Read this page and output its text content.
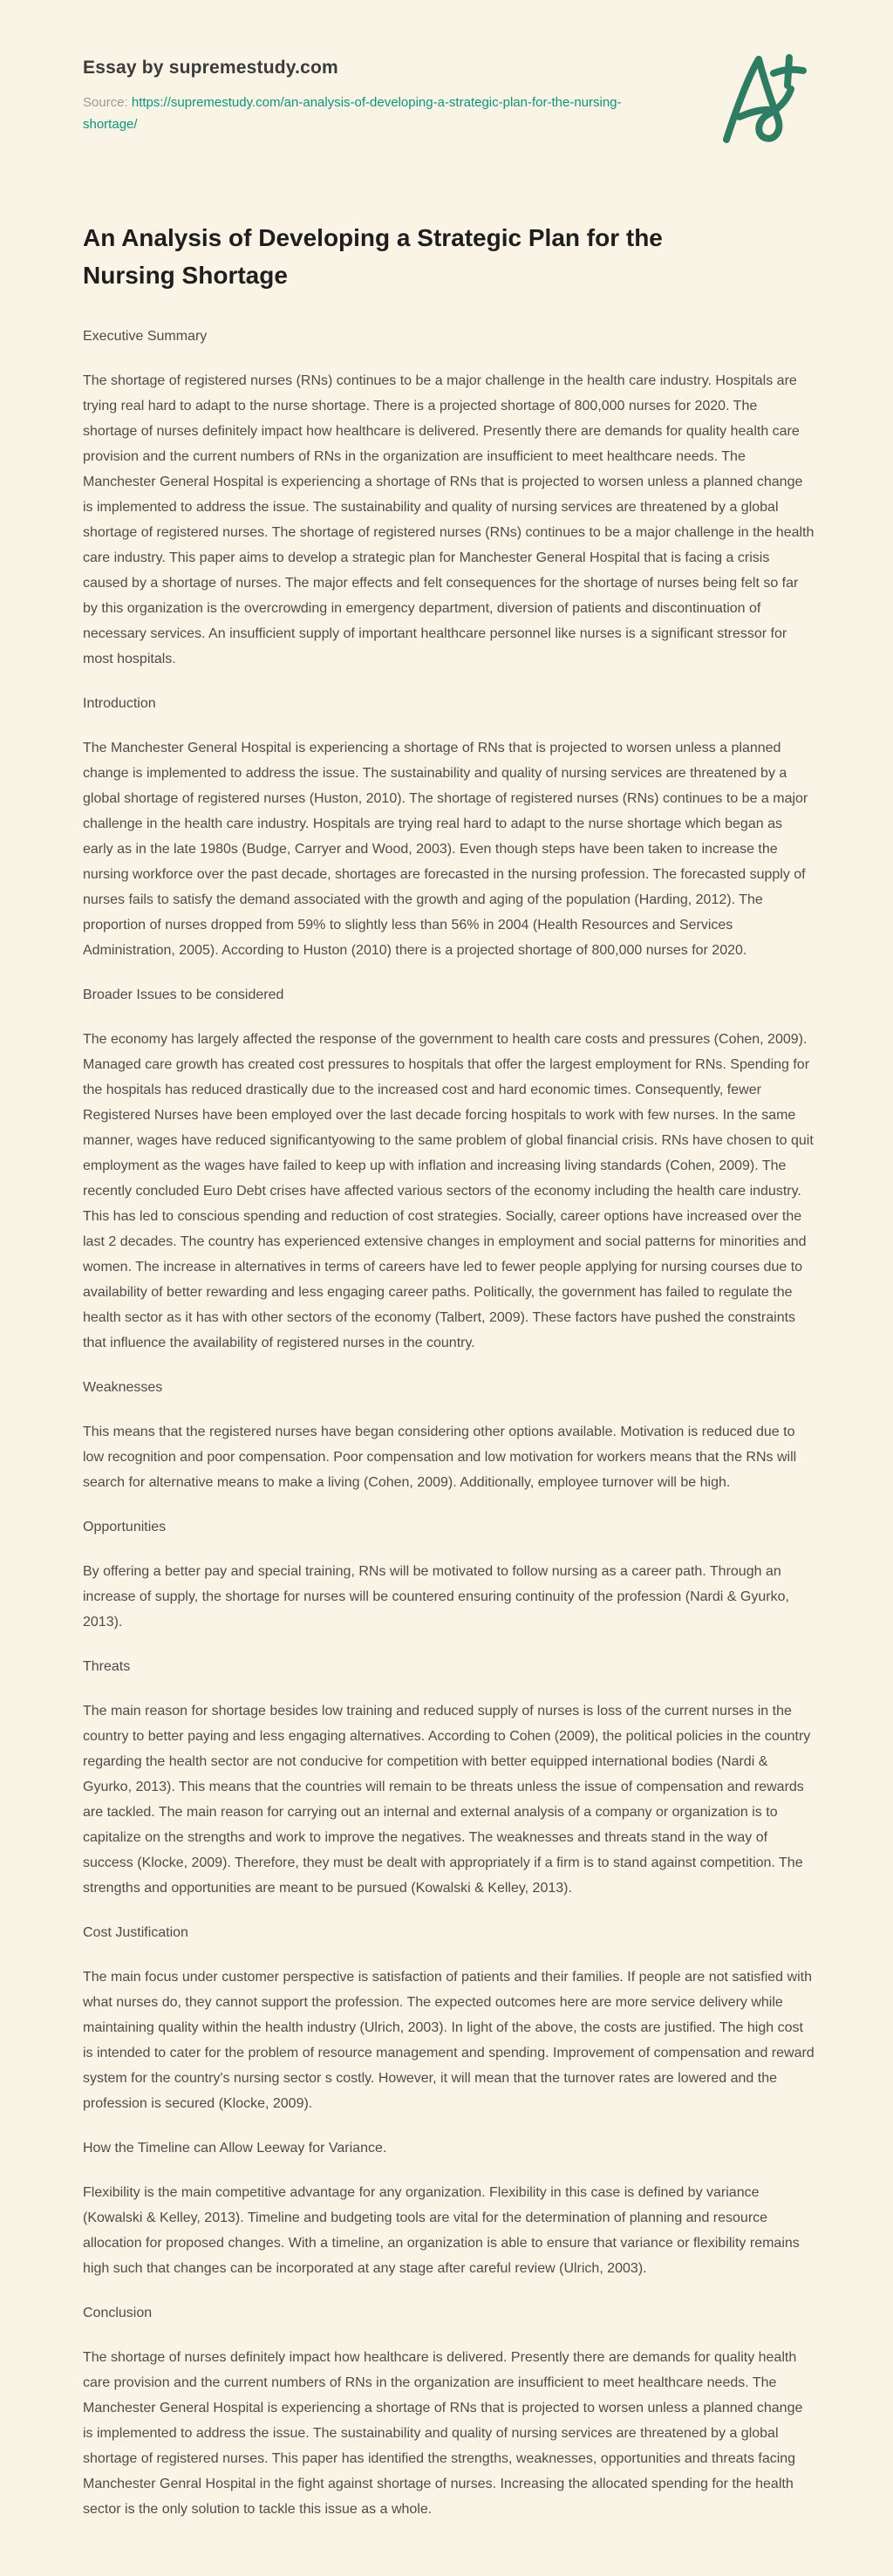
Essay by supremestudy.com
Source: https://supremestudy.com/an-analysis-of-developing-a-strategic-plan-for-the-nursing-shortage/
An Analysis of Developing a Strategic Plan for the Nursing Shortage
Executive Summary

The shortage of registered nurses (RNs) continues to be a major challenge in the health care industry. Hospitals are trying real hard to adapt to the nurse shortage. There is a projected shortage of 800,000 nurses for 2020. The shortage of nurses definitely impact how healthcare is delivered. Presently there are demands for quality health care provision and the current numbers of RNs in the organization are insufficient to meet healthcare needs. The Manchester General Hospital is experiencing a shortage of RNs that is projected to worsen unless a planned change is implemented to address the issue. The sustainability and quality of nursing services are threatened by a global shortage of registered nurses. The shortage of registered nurses (RNs) continues to be a major challenge in the health care industry. This paper aims to develop a strategic plan for Manchester General Hospital that is facing a crisis caused by a shortage of nurses. The major effects and felt consequences for the shortage of nurses being felt so far by this organization is the overcrowding in emergency department, diversion of patients and discontinuation of necessary services. An insufficient supply of important healthcare personnel like nurses is a significant stressor for most hospitals.

Introduction

The Manchester General Hospital is experiencing a shortage of RNs that is projected to worsen unless a planned change is implemented to address the issue. The sustainability and quality of nursing services are threatened by a global shortage of registered nurses (Huston, 2010). The shortage of registered nurses (RNs) continues to be a major challenge in the health care industry. Hospitals are trying real hard to adapt to the nurse shortage which began as early as in the late 1980s (Budge, Carryer and Wood, 2003). Even though steps have been taken to increase the nursing workforce over the past decade, shortages are forecasted in the nursing profession. The forecasted supply of nurses fails to satisfy the demand associated with the growth and aging of the population (Harding, 2012). The proportion of nurses dropped from 59% to slightly less than 56% in 2004 (Health Resources and Services Administration, 2005). According to Huston (2010) there is a projected shortage of 800,000 nurses for 2020.

Broader Issues to be considered

The economy has largely affected the response of the government to health care costs and pressures (Cohen, 2009). Managed care growth has created cost pressures to hospitals that offer the largest employment for RNs. Spending for the hospitals has reduced drastically due to the increased cost and hard economic times. Consequently, fewer Registered Nurses have been employed over the last decade forcing hospitals to work with few nurses. In the same manner, wages have reduced significantyowing to the same problem of global financial crisis. RNs have chosen to quit employment as the wages have failed to keep up with inflation and increasing living standards (Cohen, 2009). The recently concluded Euro Debt crises have affected various sectors of the economy including the health care industry. This has led to conscious spending and reduction of cost strategies. Socially, career options have increased over the last 2 decades. The country has experienced extensive changes in employment and social patterns for minorities and women. The increase in alternatives in terms of careers have led to fewer people applying for nursing courses due to availability of better rewarding and less engaging career paths. Politically, the government has failed to regulate the health sector as it has with other sectors of the economy (Talbert, 2009). These factors have pushed the constraints that influence the availability of registered nurses in the country.

Weaknesses

This means that the registered nurses have began considering other options available. Motivation is reduced due to low recognition and poor compensation. Poor compensation and low motivation for workers means that the RNs will search for alternative means to make a living (Cohen, 2009). Additionally, employee turnover will be high.

Opportunities

By offering a better pay and special training, RNs will be motivated to follow nursing as a career path. Through an increase of supply, the shortage for nurses will be countered ensuring continuity of the profession (Nardi & Gyurko, 2013).

Threats

The main reason for shortage besides low training and reduced supply of nurses is loss of the current nurses in the country to better paying and less engaging alternatives. According to Cohen (2009), the political policies in the country regarding the health sector are not conducive for competition with better equipped international bodies (Nardi & Gyurko, 2013). This means that the countries will remain to be threats unless the issue of compensation and rewards are tackled. The main reason for carrying out an internal and external analysis of a company or organization is to capitalize on the strengths and work to improve the negatives. The weaknesses and threats stand in the way of success (Klocke, 2009). Therefore, they must be dealt with appropriately if a firm is to stand against competition. The strengths and opportunities are meant to be pursued (Kowalski & Kelley, 2013).

Cost Justification

The main focus under customer perspective is satisfaction of patients and their families. If people are not satisfied with what nurses do, they cannot support the profession. The expected outcomes here are more service delivery while maintaining quality within the health industry (Ulrich, 2003). In light of the above, the costs are justified. The high cost is intended to cater for the problem of resource management and spending. Improvement of compensation and reward system for the country's nursing sector s costly. However, it will mean that the turnover rates are lowered and the profession is secured (Klocke, 2009).

How the Timeline can Allow Leeway for Variance.

Flexibility is the main competitive advantage for any organization. Flexibility in this case is defined by variance (Kowalski & Kelley, 2013). Timeline and budgeting tools are vital for the determination of planning and resource allocation for proposed changes. With a timeline, an organization is able to ensure that variance or flexibility remains high such that changes can be incorporated at any stage after careful review (Ulrich, 2003).

Conclusion

The shortage of nurses definitely impact how healthcare is delivered. Presently there are demands for quality health care provision and the current numbers of RNs in the organization are insufficient to meet healthcare needs. The Manchester General Hospital is experiencing a shortage of RNs that is projected to worsen unless a planned change is implemented to address the issue. The sustainability and quality of nursing services are threatened by a global shortage of registered nurses. This paper has identified the strengths, weaknesses, opportunities and threats facing Manchester Genral Hospital in the fight against shortage of nurses. Increasing the allocated spending for the health sector is the only solution to tackle this issue as a whole.
